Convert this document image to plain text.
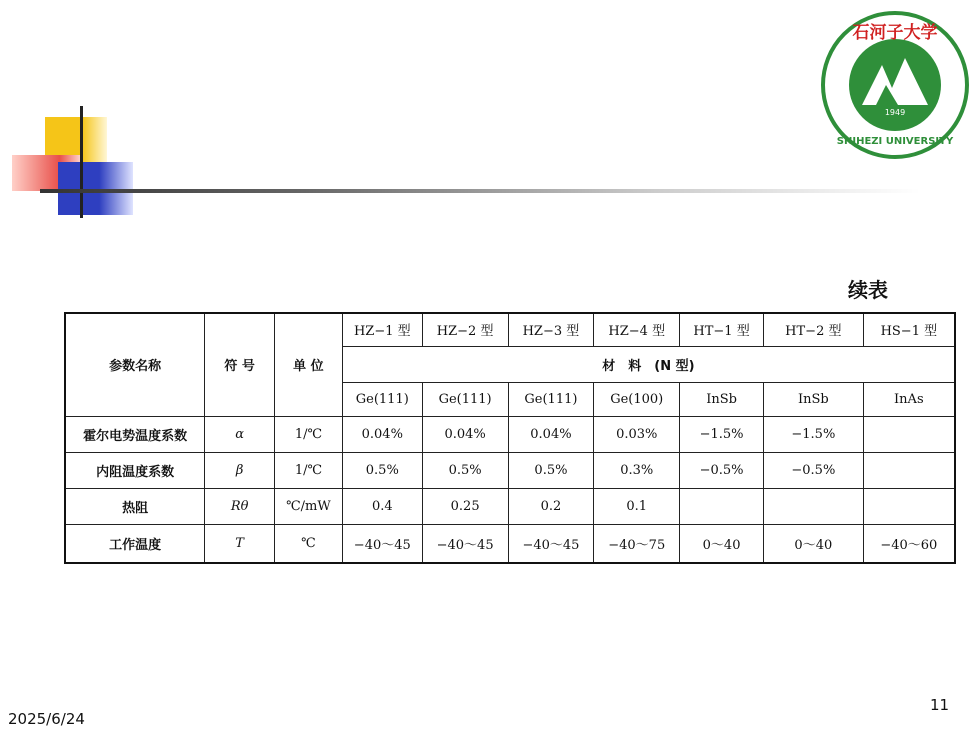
石河子大学
1949
SHIHEZI UNIVERSITY
续表
参数名称	符 号	单 位	HZ−1 型	HZ−2 型	HZ−3 型	HZ−4 型	HT−1 型	HT−2 型	HS−1 型
			材　料　(N 型)						
			Ge(111)	Ge(111)	Ge(111)	Ge(100)	InSb	InSb	InAs
霍尔电势温度系数	α	1/℃	0.04%	0.04%	0.04%	0.03%	−1.5%	−1.5%	
内阻温度系数	β	1/℃	0.5%	0.5%	0.5%	0.3%	−0.5%	−0.5%	
热阻	Rθ	℃/mW	0.4	0.25	0.2	0.1			
工作温度	T	℃	−40～45	−40～45	−40～45	−40～75	0～40	0～40	−40～60
2025/6/24
11
